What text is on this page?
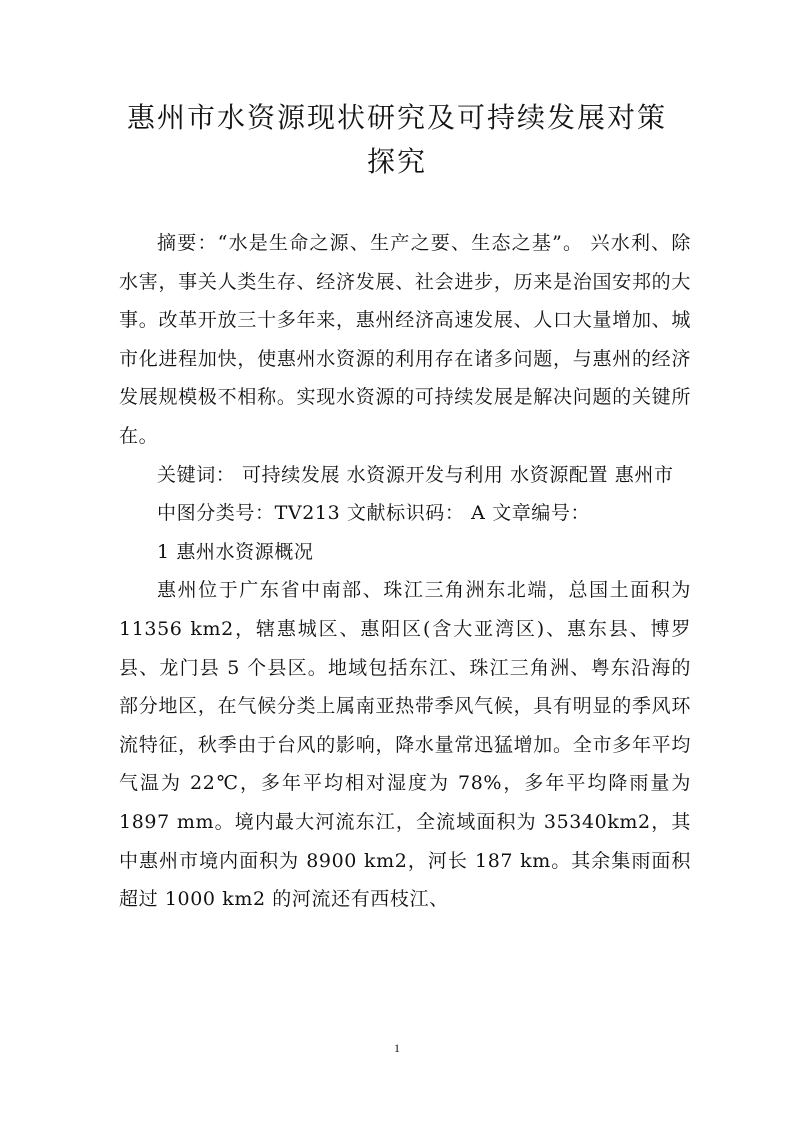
惠州市水资源现状研究及可持续发展对策
探究

摘要：“水是生命之源、生产之要、生态之基”。 兴水利、除水害，事关人类生存、经济发展、社会进步，历来是治国安邦的大事。改革开放三十多年来，惠州经济高速发展、人口大量增加、城市化进程加快，使惠州水资源的利用存在诸多问题，与惠州的经济发展规模极不相称。实现水资源的可持续发展是解决问题的关键所在。

关键词： 可持续发展 水资源开发与利用 水资源配置 惠州市

中图分类号：TV213 文献标识码： A 文章编号：

1 惠州水资源概况

惠州位于广东省中南部、珠江三角洲东北端，总国土面积为 11356 km2，辖惠城区、惠阳区(含大亚湾区)、惠东县、博罗县、龙门县 5 个县区。地域包括东江、珠江三角洲、粤东沿海的部分地区，在气候分类上属南亚热带季风气候，具有明显的季风环流特征，秋季由于台风的影响，降水量常迅猛增加。全市多年平均气温为 22℃，多年平均相对湿度为 78%，多年平均降雨量为 1897 mm。境内最大河流东江，全流域面积为 35340km2，其中惠州市境内面积为 8900 km2，河长 187 km。其余集雨面积超过 1000 km2 的河流还有西枝江、

1
